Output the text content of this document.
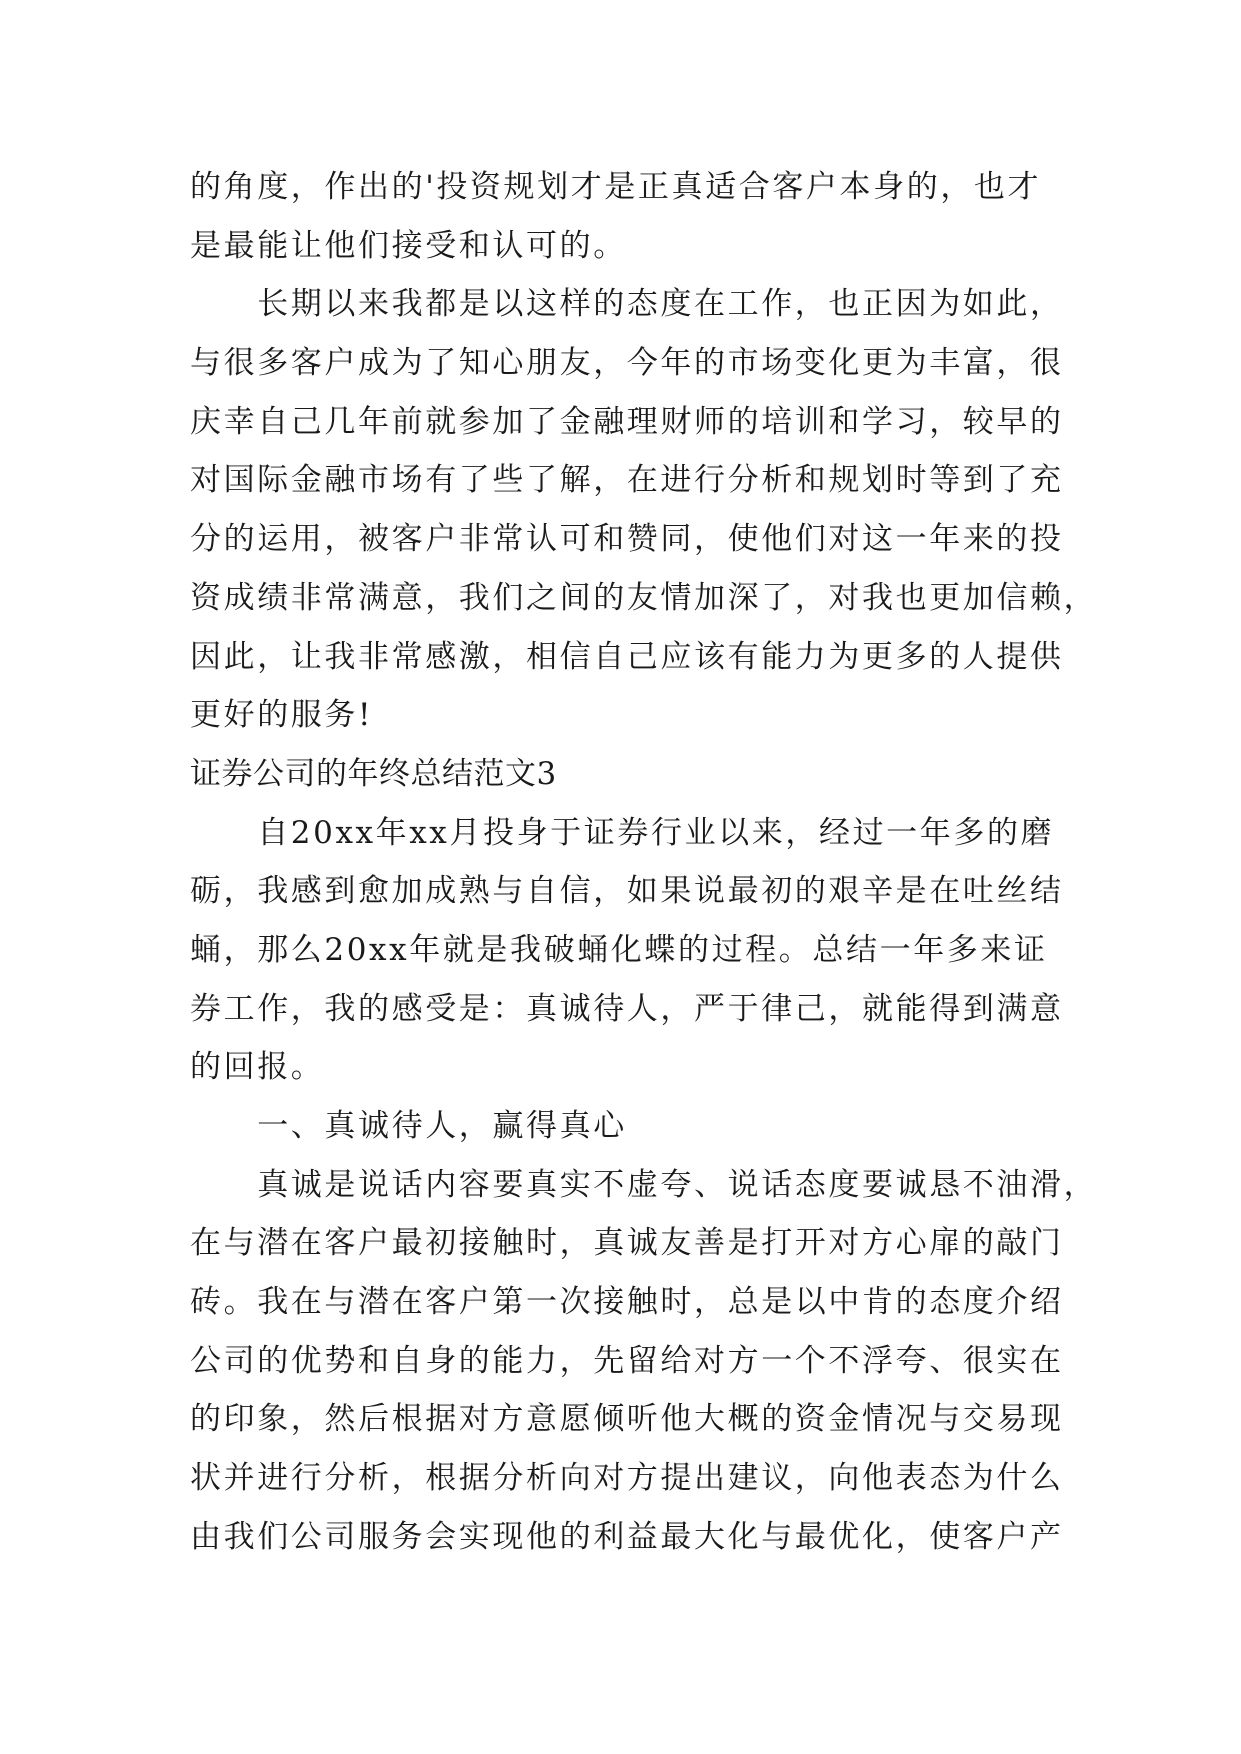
的角度，作出的'投资规划才是正真适合客户本身的，也才
是最能让他们接受和认可的。
　　长期以来我都是以这样的态度在工作，也正因为如此，
与很多客户成为了知心朋友，今年的市场变化更为丰富，很
庆幸自己几年前就参加了金融理财师的培训和学习，较早的
对国际金融市场有了些了解，在进行分析和规划时等到了充
分的运用，被客户非常认可和赞同，使他们对这一年来的投
资成绩非常满意，我们之间的友情加深了，对我也更加信赖，
因此，让我非常感激，相信自己应该有能力为更多的人提供
更好的服务!
证券公司的年终总结范文3
　　自20xx年xx月投身于证券行业以来，经过一年多的磨
砺，我感到愈加成熟与自信，如果说最初的艰辛是在吐丝结
蛹，那么20xx年就是我破蛹化蝶的过程。总结一年多来证
券工作，我的感受是：真诚待人，严于律己，就能得到满意
的回报。
　　一、真诚待人，赢得真心
　　真诚是说话内容要真实不虚夸、说话态度要诚恳不油滑，
在与潜在客户最初接触时，真诚友善是打开对方心扉的敲门
砖。我在与潜在客户第一次接触时，总是以中肯的态度介绍
公司的优势和自身的能力，先留给对方一个不浮夸、很实在
的印象，然后根据对方意愿倾听他大概的资金情况与交易现
状并进行分析，根据分析向对方提出建议，向他表态为什么
由我们公司服务会实现他的利益最大化与最优化，使客户产
